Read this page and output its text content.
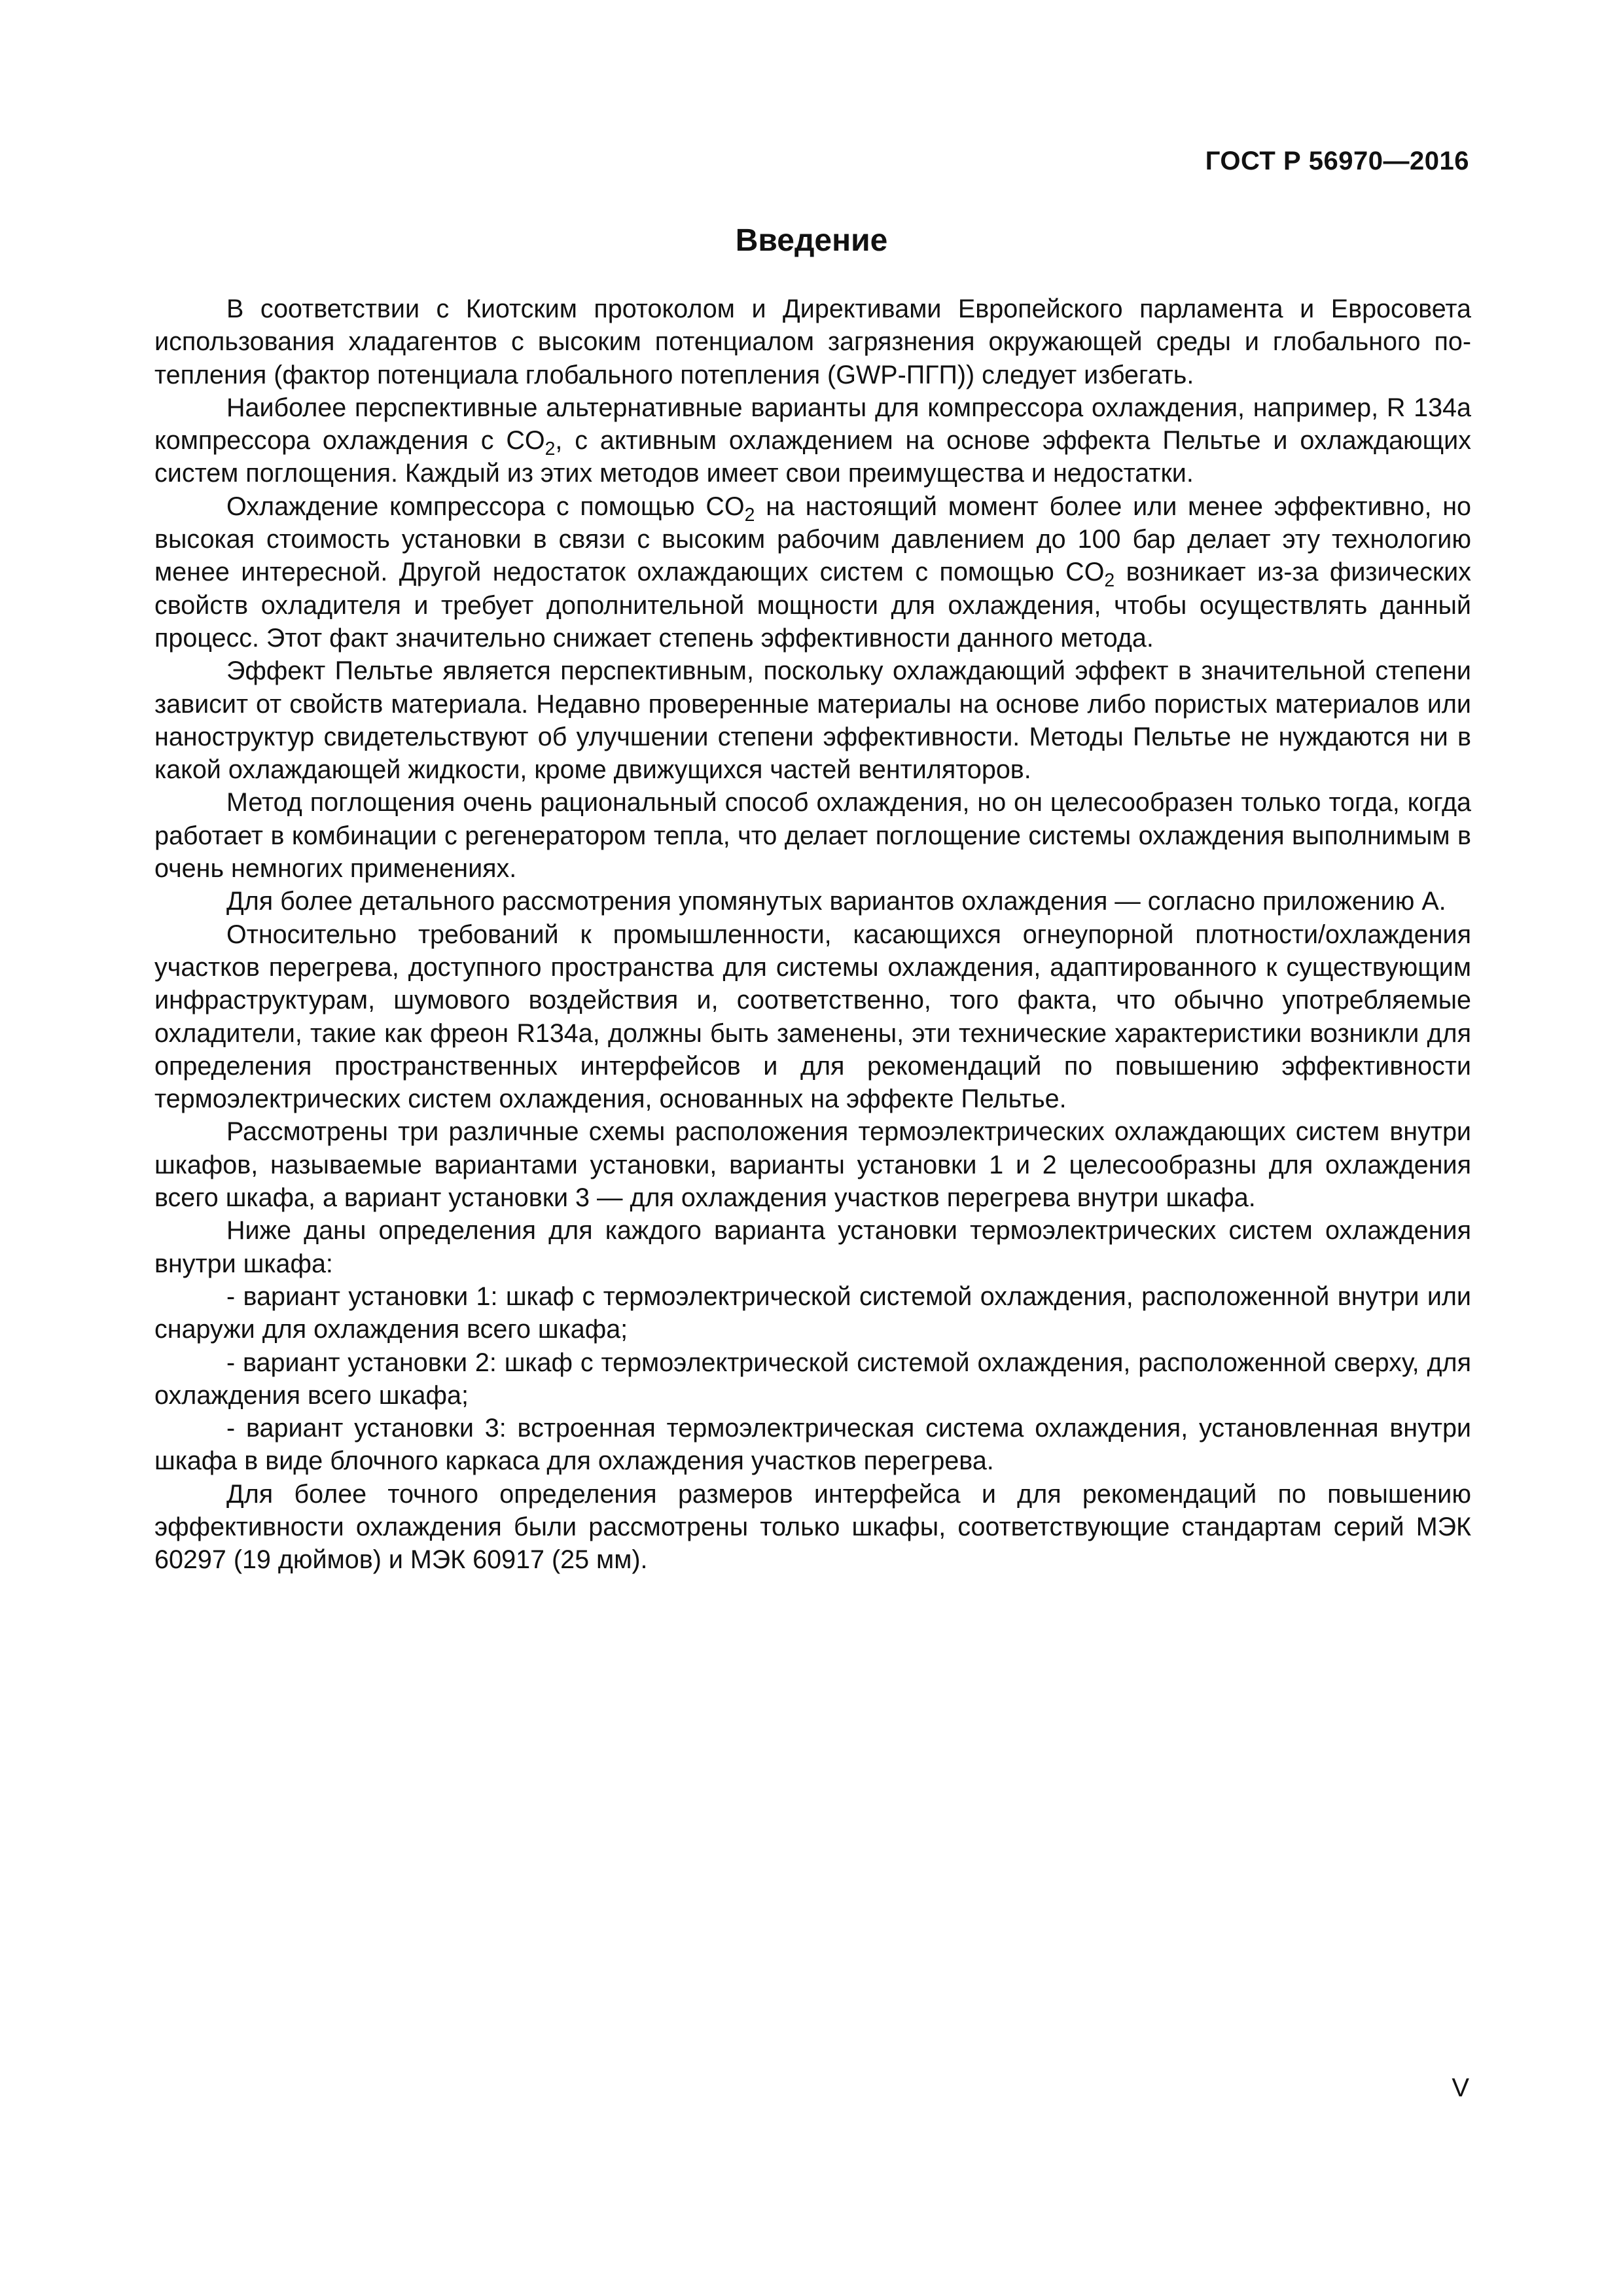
ГОСТ Р 56970—2016
Введение

В соответствии с Киотским протоколом и Директивами Европейского парламента и Евросовета использования хладагентов с высоким потенциалом загрязнения окружающей среды и глобального потепления (фактор потенциала глобального потепления (GWP-ПГП)) следует избегать.

Наиболее перспективные альтернативные варианты для компрессора охлаждения, например, R 134a компрессора охлаждения с $CO_2$, с активным охлаждением на основе эффекта Пельтье и охлаждающих систем поглощения. Каждый из этих методов имеет свои преимущества и недостатки.

Охлаждение компрессора с помощью $CO_2$ на настоящий момент более или менее эффективно, но высокая стоимость установки в связи с высоким рабочим давлением до 100 бар делает эту технологию менее интересной. Другой недостаток охлаждающих систем с помощью $CO_2$ возникает из-за физических свойств охладителя и требует дополнительной мощности для охлаждения, чтобы осуществлять данный процесс. Этот факт значительно снижает степень эффективности данного метода.

Эффект Пельтье является перспективным, поскольку охлаждающий эффект в значительной степени зависит от свойств материала. Недавно проверенные материалы на основе либо пористых материалов или наноструктур свидетельствуют об улучшении степени эффективности. Методы Пельтье не нуждаются ни в какой охлаждающей жидкости, кроме движущихся частей вентиляторов.

Метод поглощения очень рациональный способ охлаждения, но он целесообразен только тогда, когда работает в комбинации с регенератором тепла, что делает поглощение системы охлаждения выполнимым в очень немногих применениях.

Для более детального рассмотрения упомянутых вариантов охлаждения — согласно приложению А.

Относительно требований к промышленности, касающихся огнеупорной плотности/охлаждения участков перегрева, доступного пространства для системы охлаждения, адаптированного к существующим инфраструктурам, шумового воздействия и, соответственно, того факта, что обычно употребляемые охладители, такие как фреон R134a, должны быть заменены, эти технические характеристики возникли для определения пространственных интерфейсов и для рекомендаций по повышению эффективности термоэлектрических систем охлаждения, основанных на эффекте Пельтье.

Рассмотрены три различные схемы расположения термоэлектрических охлаждающих систем внутри шкафов, называемые вариантами установки, варианты установки 1 и 2 целесообразны для охлаждения всего шкафа, а вариант установки 3 — для охлаждения участков перегрева внутри шкафа.

Ниже даны определения для каждого варианта установки термоэлектрических систем охлаждения внутри шкафа:

- вариант установки 1: шкаф с термоэлектрической системой охлаждения, расположенной внутри или снаружи для охлаждения всего шкафа;

- вариант установки 2: шкаф с термоэлектрической системой охлаждения, расположенной сверху, для охлаждения всего шкафа;

- вариант установки 3: встроенная термоэлектрическая система охлаждения, установленная внутри шкафа в виде блочного каркаса для охлаждения участков перегрева.

Для более точного определения размеров интерфейса и для рекомендаций по повышению эффективности охлаждения были рассмотрены только шкафы, соответствующие стандартам серий МЭК 60297 (19 дюймов) и МЭК 60917 (25 мм).

V
